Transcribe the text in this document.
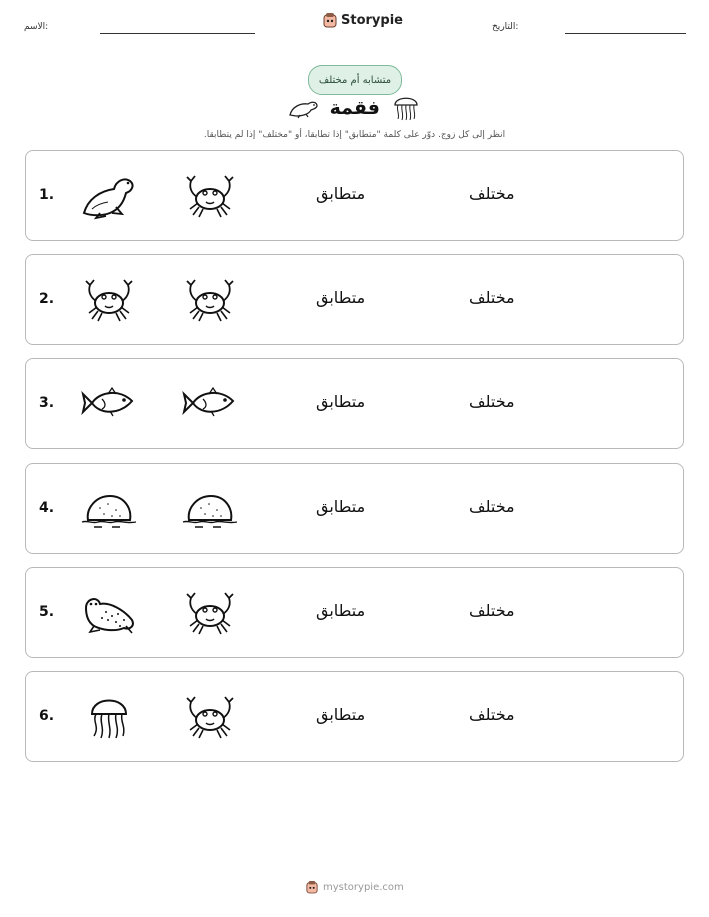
الاسم:	Storypie	التاريخ:
متشابه أم مختلف
فقمة
انظر إلى كل زوج. دوّر على كلمة "متطابق" إذا تطابقا، أو "مختلف" إذا لم يتطابقا.
1.	متطابق	مختلف
2.	متطابق	مختلف
3.	متطابق	مختلف
4.	متطابق	مختلف
5.	متطابق	مختلف
6.	متطابق	مختلف
mystorypie.com
